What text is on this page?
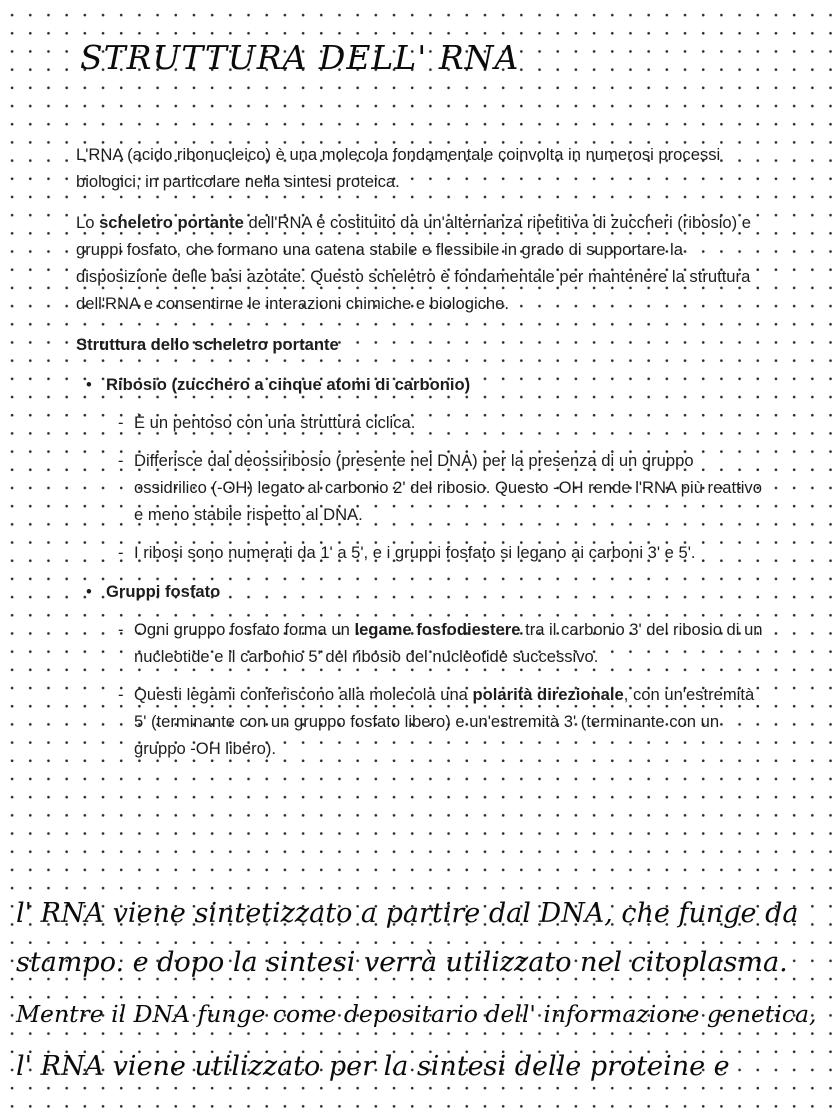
STRUTTURA DELL' RNA

L'RNA (acido ribonucleico) è una molecola fondamentale coinvolta in numerosi processi biologici, in particolare nella sintesi proteica.

Lo scheletro portante dell'RNA è costituito da un'alternanza ripetitiva di zuccheri (ribosio) e gruppi fosfato, che formano una catena stabile e flessibile in grado di supportare la disposizione delle basi azotate. Questo scheletro è fondamentale per mantenere la struttura dell'RNA e consentirne le interazioni chimiche e biologiche.

Struttura dello scheletro portante

• Ribosio (zucchero a cinque atomi di carbonio)
- È un pentoso con una struttura ciclica.
- Differisce dal deossiribosio (presente nel DNA) per la presenza di un gruppo ossidrilico (-OH) legato al carbonio 2' del ribosio. Questo -OH rende l'RNA più reattivo e meno stabile rispetto al DNA.
- I ribosi sono numerati da 1' a 5', e i gruppi fosfato si legano ai carboni 3' e 5'.
• Gruppi fosfato
- Ogni gruppo fosfato forma un legame fosfodiestere tra il carbonio 3' del ribosio di un nucleotide e il carbonio 5' del ribosio del nucleotide successivo.
- Questi legami conferiscono alla molecola una polarità direzionale, con un'estremità 5' (terminante con un gruppo fosfato libero) e un'estremità 3' (terminante con un gruppo -OH libero).
l' RNA viene sintetizzato a partire dal DNA, che funge da
stampo. e dopo la sintesi verrà utilizzato nel citoplasma.
Mentre il DNA funge come depositario dell' informazione genetica,
l' RNA viene utilizzato per la sintesi delle proteine e
